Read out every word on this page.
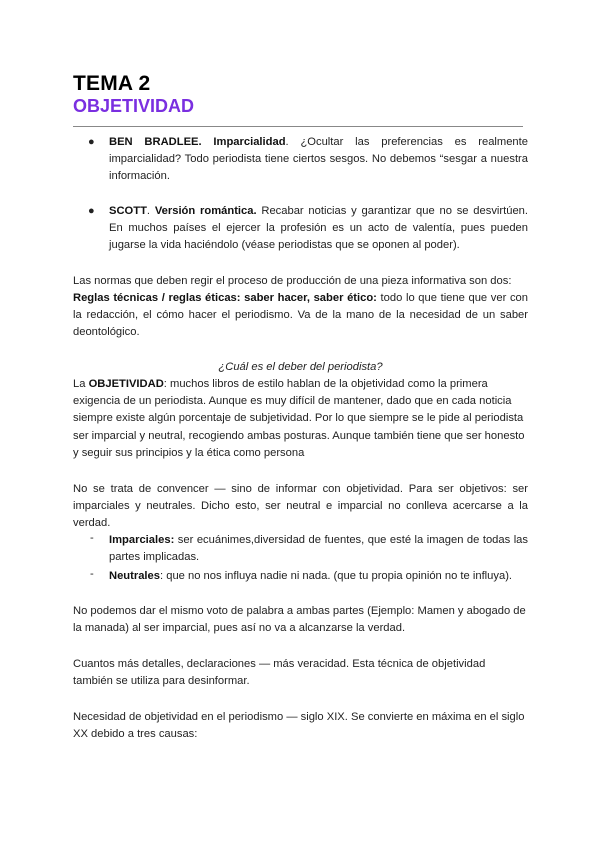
TEMA 2
OBJETIVIDAD
● BEN BRADLEE. Imparcialidad. ¿Ocultar las preferencias es realmente imparcialidad? Todo periodista tiene ciertos sesgos. No debemos “sesgar a nuestra información.
● SCOTT. Versión romántica. Recabar noticias y garantizar que no se desvirtúen. En muchos países el ejercer la profesión es un acto de valentía, pues pueden jugarse la vida haciéndolo (véase periodistas que se oponen al poder).
Las normas que deben regir el proceso de producción de una pieza informativa son dos:
Reglas técnicas / reglas éticas: saber hacer, saber ético: todo lo que tiene que ver con la redacción, el cómo hacer el periodismo. Va de la mano de la necesidad de un saber deontológico.
¿Cuál es el deber del periodista?
La OBJETIVIDAD: muchos libros de estilo hablan de la objetividad como la primera exigencia de un periodista. Aunque es muy difícil de mantener, dado que en cada noticia siempre existe algún porcentaje de subjetividad. Por lo que siempre se le pide al periodista ser imparcial y neutral, recogiendo ambas posturas. Aunque también tiene que ser honesto y seguir sus principios y la ética como persona
No se trata de convencer — sino de informar con objetividad. Para ser objetivos: ser imparciales y neutrales. Dicho esto, ser neutral e imparcial no conlleva acercarse a la verdad.
- Imparciales: ser ecuánimes,diversidad de fuentes, que esté la imagen de todas las partes implicadas.
- Neutrales: que no nos influya nadie ni nada. (que tu propia opinión no te influya).
No podemos dar el mismo voto de palabra a ambas partes (Ejemplo: Mamen y abogado de la manada) al ser imparcial, pues así no va a alcanzarse la verdad.
Cuantos más detalles, declaraciones — más veracidad. Esta técnica de objetividad también se utiliza para desinformar.
Necesidad de objetividad en el periodismo — siglo XIX. Se convierte en máxima en el siglo XX debido a tres causas:
